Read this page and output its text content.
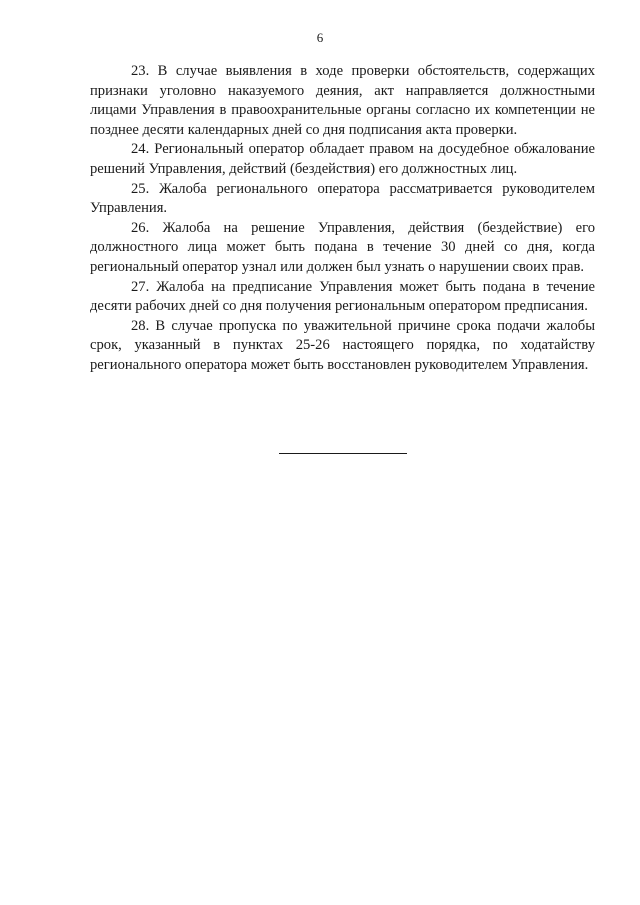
6

23. В случае выявления в ходе проверки обстоятельств, содержащих признаки уголовно наказуемого деяния, акт направляется должностными лицами Управления в правоохранительные органы согласно их компетенции не позднее десяти календарных дней со дня подписания акта проверки.

24. Региональный оператор обладает правом на досудебное обжалование решений Управления, действий (бездействия) его должностных лиц.

25. Жалоба регионального оператора рассматривается руководителем Управления.

26. Жалоба на решение Управления, действия (бездействие) его должностного лица может быть подана в течение 30 дней со дня, когда региональный оператор узнал или должен был узнать о нарушении своих прав.

27. Жалоба на предписание Управления может быть подана в течение десяти рабочих дней со дня получения региональным оператором предписания.

28. В случае пропуска по уважительной причине срока подачи жалобы срок, указанный в пунктах 25-26 настоящего порядка, по ходатайству регионального оператора может быть восстановлен руководителем Управления.
